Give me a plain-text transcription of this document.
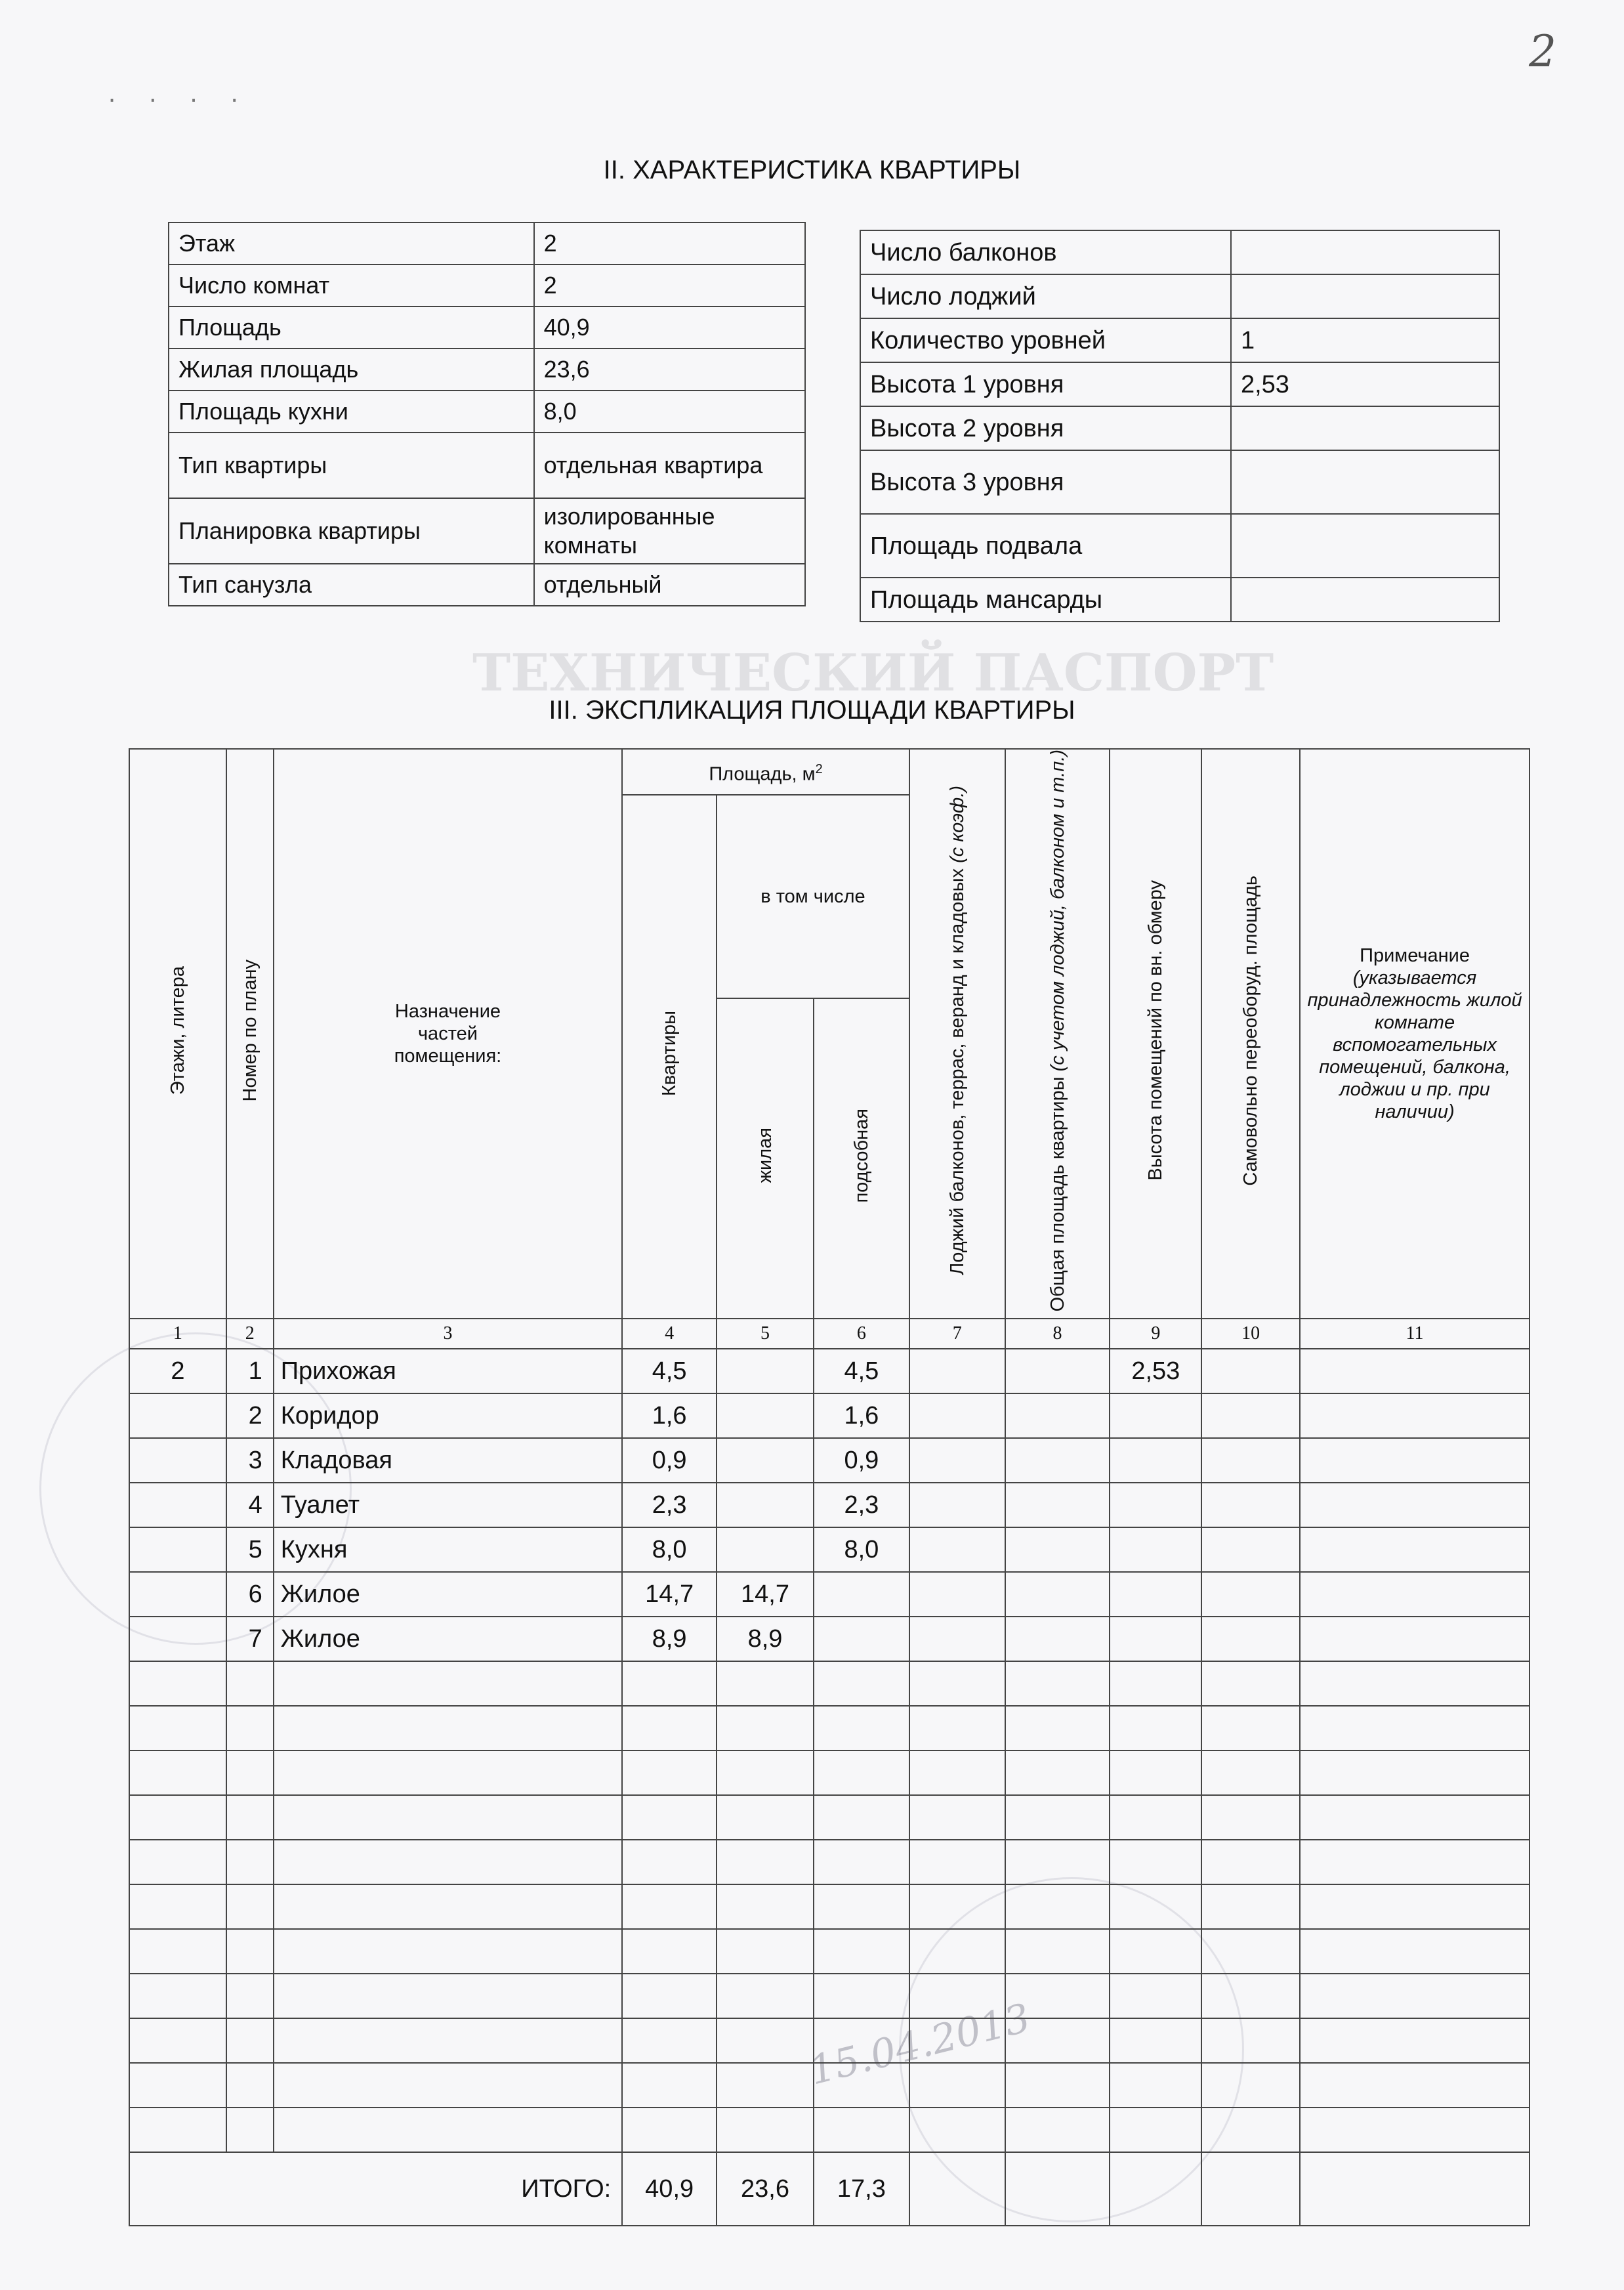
ТЕХНИЧЕСКИЙ ПАСПОРТ
15.04.2013
2
. . . .
II. ХАРАКТЕРИСТИКА КВАРТИРЫ
Этаж	2
Число комнат	2
Площадь	40,9
Жилая площадь	23,6
Площадь кухни	8,0
Тип квартиры	отдельная квартира
Планировка квартиры	изолированные комнаты
Тип санузла	отдельный
Число балконов	
Число лоджий	
Количество уровней	1
Высота 1 уровня	2,53
Высота 2 уровня	
Высота 3 уровня	
Площадь подвала	
Площадь мансарды	
III. ЭКСПЛИКАЦИЯ ПЛОЩАДИ КВАРТИРЫ
Этажи, литера	Номер по плану	Назначение частей помещения:	Площадь, $м^2$			Лоджий балконов, террас, веранд и кладовых (с коэф.)	Общая площадь квартиры (с учетом лоджий, балконом и т.п.)	Высота помещений по вн. обмеру	Самовольно переоборуд. площадь	Примечание
(указывается принадлежность жилой комнате вспомогательных помещений, балкона, лоджии и пр. при наличии)

			Квартиры	в том числе						
				жилая	подсобная					
1	2	3	4	5	6	7	8	9	10	11
2	1	Прихожая	4,5		4,5			2,53		
	2	Коридор	1,6		1,6					
	3	Кладовая	0,9		0,9					
	4	Туалет	2,3		2,3					
	5	Кухня	8,0		8,0					
	6	Жилое	14,7	14,7						
	7	Жилое	8,9	8,9						

ИТОГО:			40,9	23,6	17,3					
